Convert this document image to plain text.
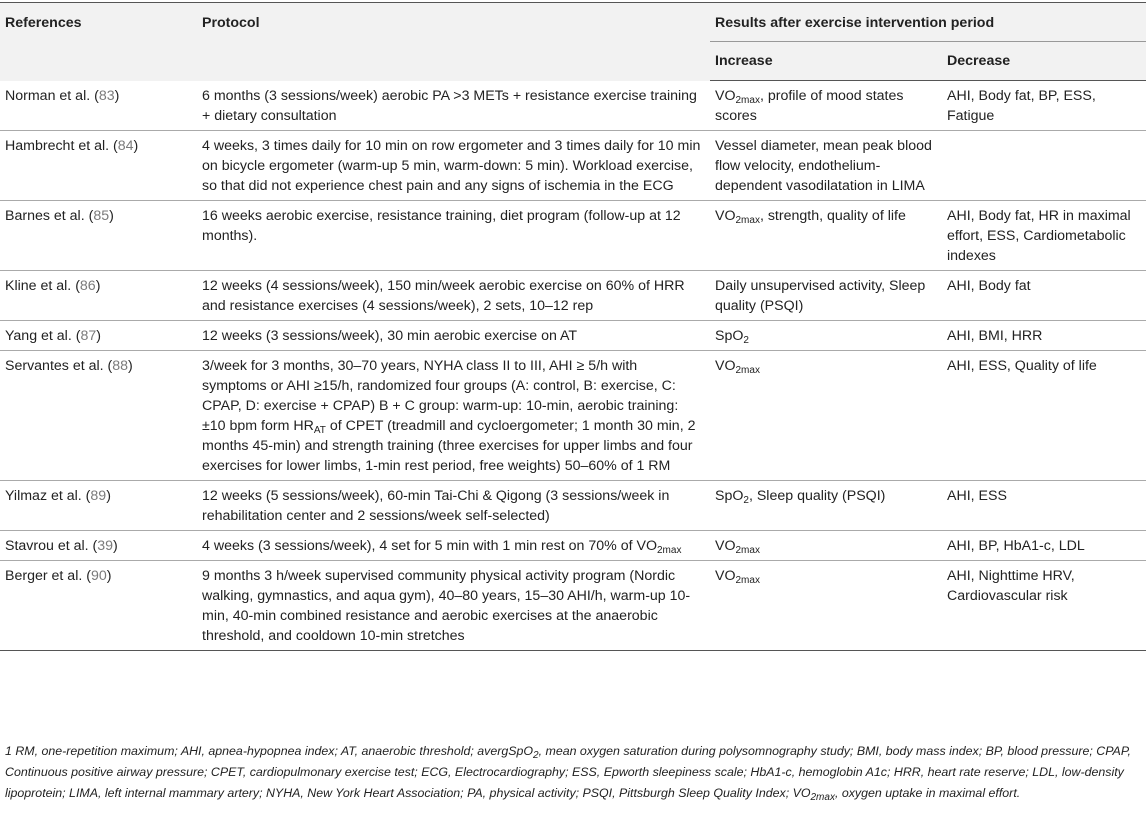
References	Protocol	Results after exercise intervention period	
		Increase	Decrease
Norman et al. (83)	6 months (3 sessions/week) aerobic PA >3 METs + resistance exercise training + dietary consultation	$VO_{2max}$, profile of mood states scores	AHI, Body fat, BP, ESS, Fatigue
Hambrecht et al. (84)	4 weeks, 3 times daily for 10 min on row ergometer and 3 times daily for 10 min on bicycle ergometer (warm-up 5 min, warm-down: 5 min). Workload exercise, so that did not experience chest pain and any signs of ischemia in the ECG	Vessel diameter, mean peak blood flow velocity, endothelium-dependent vasodilatation in LIMA	
Barnes et al. (85)	16 weeks aerobic exercise, resistance training, diet program (follow-up at 12 months).	$VO_{2max}$, strength, quality of life	AHI, Body fat, HR in maximal effort, ESS, Cardiometabolic indexes
Kline et al. (86)	12 weeks (4 sessions/week), 150 min/week aerobic exercise on 60% of HRR and resistance exercises (4 sessions/week), 2 sets, 10–12 rep	Daily unsupervised activity, Sleep quality (PSQI)	AHI, Body fat
Yang et al. (87)	12 weeks (3 sessions/week), 30 min aerobic exercise on AT	SpO$_2$	AHI, BMI, HRR
Servantes et al. (88)	3/week for 3 months, 30–70 years, NYHA class II to III, AHI ≥ 5/h with symptoms or AHI ≥15/h, randomized four groups (A: control, B: exercise, C: CPAP, D: exercise + CPAP) B + C group: warm-up: 10-min, aerobic training: ±10 bpm form $HR_{AT}$ of CPET (treadmill and cycloergometer; 1 month 30 min, 2 months 45-min) and strength training (three exercises for upper limbs and four exercises for lower limbs, 1-min rest period, free weights) 50–60% of 1 RM	$VO_{2max}$	AHI, ESS, Quality of life
Yilmaz et al. (89)	12 weeks (5 sessions/week), 60-min Tai-Chi & Qigong (3 sessions/week in rehabilitation center and 2 sessions/week self-selected)	SpO$_2$, Sleep quality (PSQI)	AHI, ESS
Stavrou et al. (39)	4 weeks (3 sessions/week), 4 set for 5 min with 1 min rest on 70% of $VO_{2max}$	$VO_{2max}$	AHI, BP, HbA1-c, LDL
Berger et al. (90)	9 months 3 h/week supervised community physical activity program (Nordic walking, gymnastics, and aqua gym), 40–80 years, 15–30 AHI/h, warm-up 10-min, 40-min combined resistance and aerobic exercises at the anaerobic threshold, and cooldown 10-min stretches	$VO_{2max}$	AHI, Nighttime HRV, Cardiovascular risk
1 RM, one-repetition maximum; AHI, apnea-hypopnea index; AT, anaerobic threshold; avergSpO$_2$, mean oxygen saturation during polysomnography study; BMI, body mass index; BP, blood pressure; CPAP, Continuous positive airway pressure; CPET, cardiopulmonary exercise test; ECG, Electrocardiography; ESS, Epworth sleepiness scale; HbA1-c, hemoglobin A1c; HRR, heart rate reserve; LDL, low-density lipoprotein; LIMA, left internal mammary artery; NYHA, New York Heart Association; PA, physical activity; PSQI, Pittsburgh Sleep Quality Index; $VO_{2max}$, oxygen uptake in maximal effort.
